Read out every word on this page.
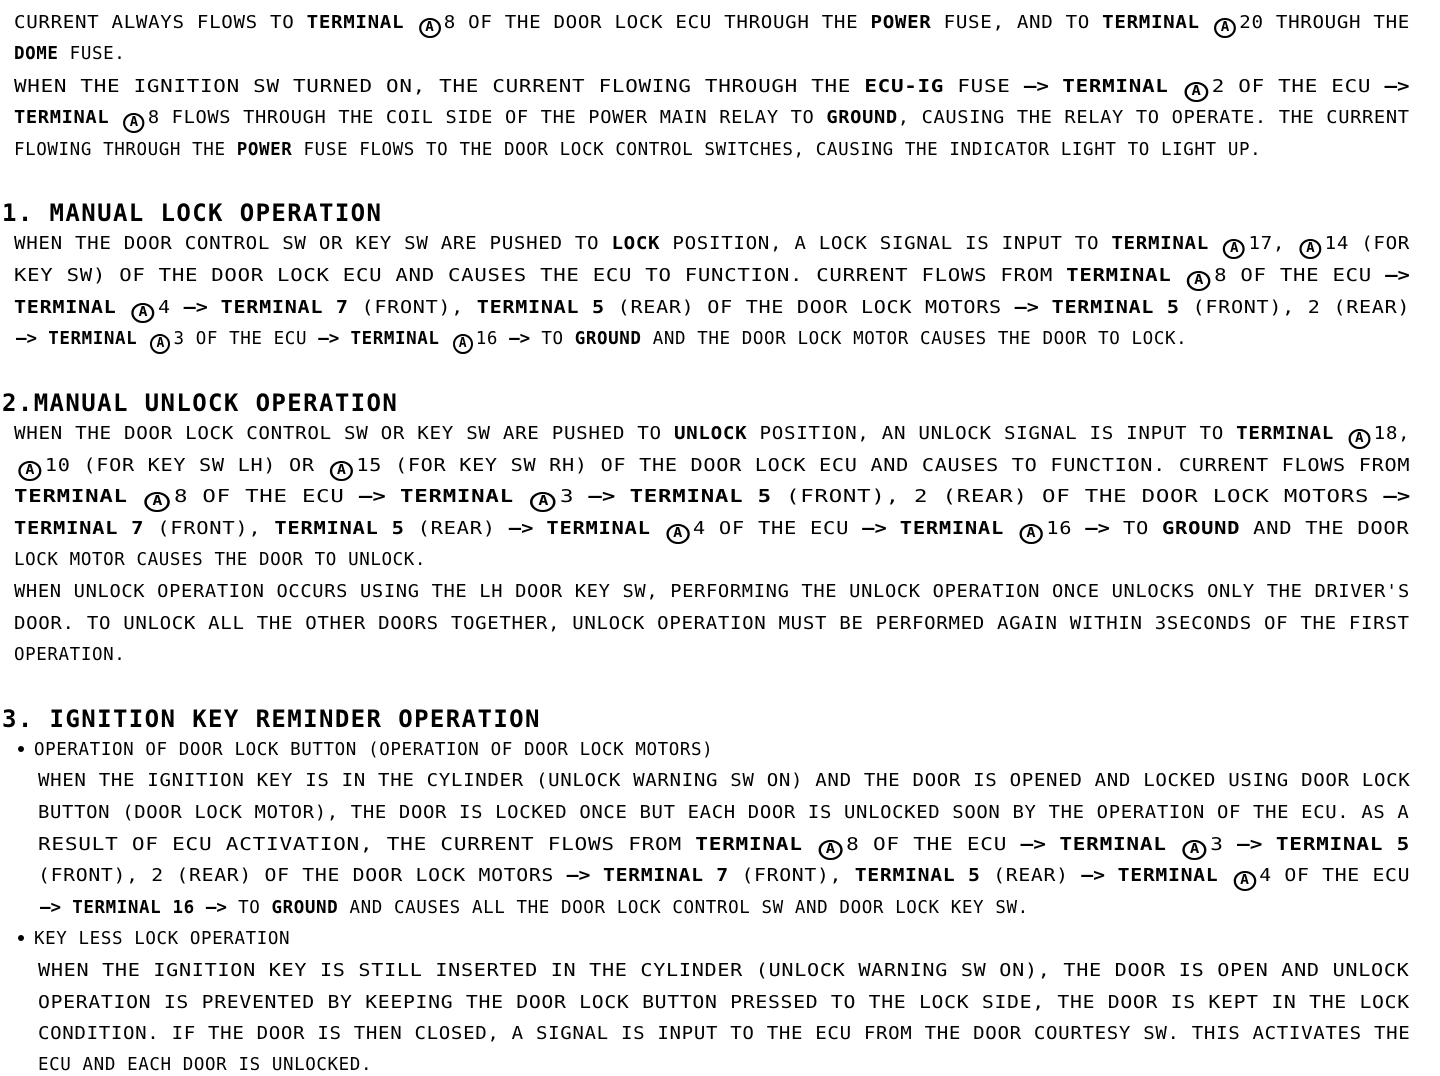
CURRENT ALWAYS FLOWS TO TERMINAL A 8 OF THE DOOR LOCK ECU THROUGH THE POWER FUSE, AND TO TERMINAL A 20 THROUGH THE
DOME FUSE.
WHEN THE IGNITION SW TURNED ON, THE CURRENT FLOWING THROUGH THE ECU-IG FUSE —> TERMINAL A 2 OF THE ECU —>
TERMINAL A 8 FLOWS THROUGH THE COIL SIDE OF THE POWER MAIN RELAY TO GROUND, CAUSING THE RELAY TO OPERATE. THE CURRENT
FLOWING THROUGH THE POWER FUSE FLOWS TO THE DOOR LOCK CONTROL SWITCHES, CAUSING THE INDICATOR LIGHT TO LIGHT UP.
1. MANUAL LOCK OPERATION
WHEN THE DOOR CONTROL SW OR KEY SW ARE PUSHED TO LOCK POSITION, A LOCK SIGNAL IS INPUT TO TERMINAL A 17, A 14 (FOR
KEY SW) OF THE DOOR LOCK ECU AND CAUSES THE ECU TO FUNCTION. CURRENT FLOWS FROM TERMINAL A 8 OF THE ECU —>
TERMINAL A 4 —> TERMINAL 7 (FRONT), TERMINAL 5 (REAR) OF THE DOOR LOCK MOTORS —> TERMINAL 5 (FRONT), 2 (REAR)
—> TERMINAL A 3 OF THE ECU —> TERMINAL A 16 —> TO GROUND AND THE DOOR LOCK MOTOR CAUSES THE DOOR TO LOCK.
2.MANUAL UNLOCK OPERATION
WHEN THE DOOR LOCK CONTROL SW OR KEY SW ARE PUSHED TO UNLOCK POSITION, AN UNLOCK SIGNAL IS INPUT TO TERMINAL A 18,
A 10 (FOR KEY SW LH) OR A 15 (FOR KEY SW RH) OF THE DOOR LOCK ECU AND CAUSES TO FUNCTION. CURRENT FLOWS FROM
TERMINAL A 8 OF THE ECU —> TERMINAL A 3 —> TERMINAL 5 (FRONT), 2 (REAR) OF THE DOOR LOCK MOTORS —>
TERMINAL 7 (FRONT), TERMINAL 5 (REAR) —> TERMINAL A 4 OF THE ECU —> TERMINAL A 16 —> TO GROUND AND THE DOOR
LOCK MOTOR CAUSES THE DOOR TO UNLOCK.
WHEN UNLOCK OPERATION OCCURS USING THE LH DOOR KEY SW, PERFORMING THE UNLOCK OPERATION ONCE UNLOCKS ONLY THE DRIVER'S
DOOR. TO UNLOCK ALL THE OTHER DOORS TOGETHER, UNLOCK OPERATION MUST BE PERFORMED AGAIN WITHIN 3SECONDS OF THE FIRST
OPERATION.
3. IGNITION KEY REMINDER OPERATION
OPERATION OF DOOR LOCK BUTTON (OPERATION OF DOOR LOCK MOTORS)
WHEN THE IGNITION KEY IS IN THE CYLINDER (UNLOCK WARNING SW ON) AND THE DOOR IS OPENED AND LOCKED USING DOOR LOCK
BUTTON (DOOR LOCK MOTOR), THE DOOR IS LOCKED ONCE BUT EACH DOOR IS UNLOCKED SOON BY THE OPERATION OF THE ECU. AS A
RESULT OF ECU ACTIVATION, THE CURRENT FLOWS FROM TERMINAL A 8 OF THE ECU —> TERMINAL A 3 —> TERMINAL 5
(FRONT), 2 (REAR) OF THE DOOR LOCK MOTORS —> TERMINAL 7 (FRONT), TERMINAL 5 (REAR) —> TERMINAL A 4 OF THE ECU
—> TERMINAL 16 —> TO GROUND AND CAUSES ALL THE DOOR LOCK CONTROL SW AND DOOR LOCK KEY SW.
KEY LESS LOCK OPERATION
WHEN THE IGNITION KEY IS STILL INSERTED IN THE CYLINDER (UNLOCK WARNING SW ON), THE DOOR IS OPEN AND UNLOCK
OPERATION IS PREVENTED BY KEEPING THE DOOR LOCK BUTTON PRESSED TO THE LOCK SIDE, THE DOOR IS KEPT IN THE LOCK
CONDITION. IF THE DOOR IS THEN CLOSED, A SIGNAL IS INPUT TO THE ECU FROM THE DOOR COURTESY SW. THIS ACTIVATES THE
ECU AND EACH DOOR IS UNLOCKED.
